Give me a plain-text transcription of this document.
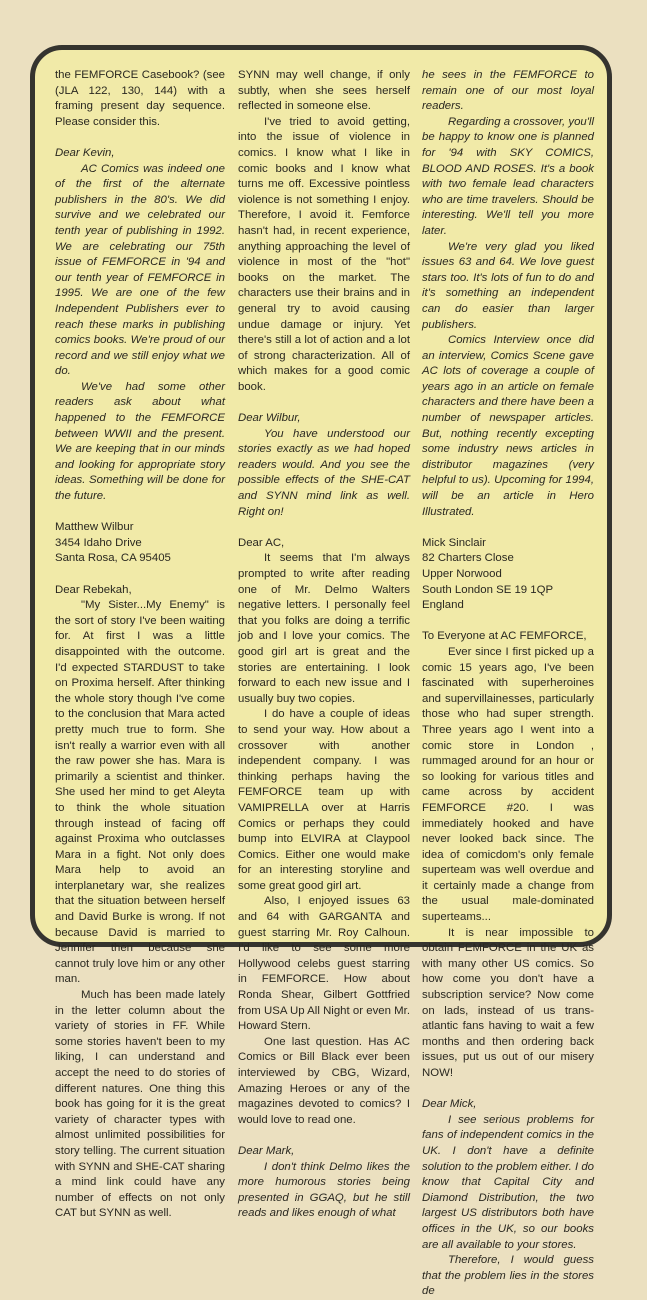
the FEMFORCE Casebook? (see (JLA 122, 130, 144) with a framing present day sequence. Please consider this.

Dear Kevin,

AC Comics was indeed one of the first of the alternate publishers in the 80's. We did survive and we celebrated our tenth year of publishing in 1992. We are celebrating our 75th issue of FEMFORCE in '94 and our tenth year of FEMFORCE in 1995. We are one of the few Independent Publishers ever to reach these marks in publishing comics books. We're proud of our record and we still enjoy what we do.

We've had some other readers ask about what happened to the FEMFORCE between WWII and the present. We are keeping that in our minds and looking for appropriate story ideas. Something will be done for the future.

Matthew Wilbur

3454 Idaho Drive

Santa Rosa, CA 95405

Dear Rebekah,

"My Sister...My Enemy" is the sort of story I've been waiting for. At first I was a little disappointed with the outcome. I'd expected STARDUST to take on Proxima herself. After thinking the whole story though I've come to the conclusion that Mara acted pretty much true to form. She isn't really a warrior even with all the raw power she has. Mara is primarily a scientist and thinker. She used her mind to get Aleyta to think the whole situation through instead of facing off against Proxima who outclasses Mara in a fight. Not only does Mara help to avoid an interplanetary war, she realizes that the situation between herself and David Burke is wrong. If not because David is married to Jennifer then because she cannot truly love him or any other man.

Much has been made lately in the letter column about the variety of stories in FF. While some stories haven't been to my liking, I can understand and accept the need to do stories of different natures. One thing this book has going for it is the great variety of character types with almost unlimited possibilities for story telling. The current situation with SYNN and SHE-CAT sharing a mind link could have any number of effects on not only CAT but SYNN as well.

SYNN may well change, if only subtly, when she sees herself reflected in someone else.

I've tried to avoid getting, into the issue of violence in comics. I know what I like in comic books and I know what turns me off. Excessive pointless violence is not something I enjoy. Therefore, I avoid it. Femforce hasn't had, in recent experience, anything approaching the level of violence in most of the "hot" books on the market. The characters use their brains and in general try to avoid causing undue damage or injury. Yet there's still a lot of action and a lot of strong characterization. All of which makes for a good comic book.

Dear Wilbur,

You have understood our stories exactly as we had hoped readers would. And you see the possible effects of the SHE-CAT and SYNN mind link as well. Right on!

Dear AC,

It seems that I'm always prompted to write after reading one of Mr. Delmo Walters negative letters. I personally feel that you folks are doing a terrific job and I love your comics. The good girl art is great and the stories are entertaining. I look forward to each new issue and I usually buy two copies.

I do have a couple of ideas to send your way. How about a crossover with another independent company. I was thinking perhaps having the FEMFORCE team up with VAMIPRELLA over at Harris Comics or perhaps they could bump into ELVIRA at Claypool Comics. Either one would make for an interesting storyline and some great good girl art.

Also, I enjoyed issues 63 and 64 with GARGANTA and guest starring Mr. Roy Calhoun. I'd like to see some more Hollywood celebs guest starring in FEMFORCE. How about Ronda Shear, Gilbert Gottfried from USA Up All Night or even Mr. Howard Stern.

One last question. Has AC Comics or Bill Black ever been interviewed by CBG, Wizard, Amazing Heroes or any of the magazines devoted to comics? I would love to read one.

Dear Mark,

I don't think Delmo likes the more humorous stories being presented in GGAQ, but he still reads and likes enough of what

he sees in the FEMFORCE to remain one of our most loyal readers.

Regarding a crossover, you'll be happy to know one is planned for '94 with SKY COMICS, BLOOD AND ROSES. It's a book with two female lead characters who are time travelers. Should be interesting. We'll tell you more later.

We're very glad you liked issues 63 and 64. We love guest stars too. It's lots of fun to do and it's something an independent can do easier than larger publishers.

Comics Interview once did an interview, Comics Scene gave AC lots of coverage a couple of years ago in an article on female characters and there have been a number of newspaper articles. But, nothing recently excepting some industry news articles in distributor magazines (very helpful to us). Upcoming for 1994, will be an article in Hero Illustrated.

Mick Sinclair

82 Charters Close

Upper Norwood

South London SE 19 1QP

England

To Everyone at AC FEMFORCE,

Ever since I first picked up a comic 15 years ago, I've been fascinated with superheroines and supervillainesses, particularly those who had super strength. Three years ago I went into a comic store in London , rummaged around for an hour or so looking for various titles and came across by accident FEMFORCE #20. I was immediately hooked and have never looked back since. The idea of comicdom's only female superteam was well overdue and it certainly made a change from the usual male-dominated superteams...

It is near impossible to obtain FEMFORCE in the UK as with many other US comics. So how come you don't have a subscription service? Now come on lads, instead of us trans-atlantic fans having to wait a few months and then ordering back issues, put us out of our misery NOW!

Dear Mick,

I see serious problems for fans of independent comics in the UK. I don't have a definite solution to the problem either. I do know that Capital City and Diamond Distribution, the two largest US distributors both have offices in the UK, so our books are all available to your stores.

Therefore, I would guess that the problem lies in the stores de
